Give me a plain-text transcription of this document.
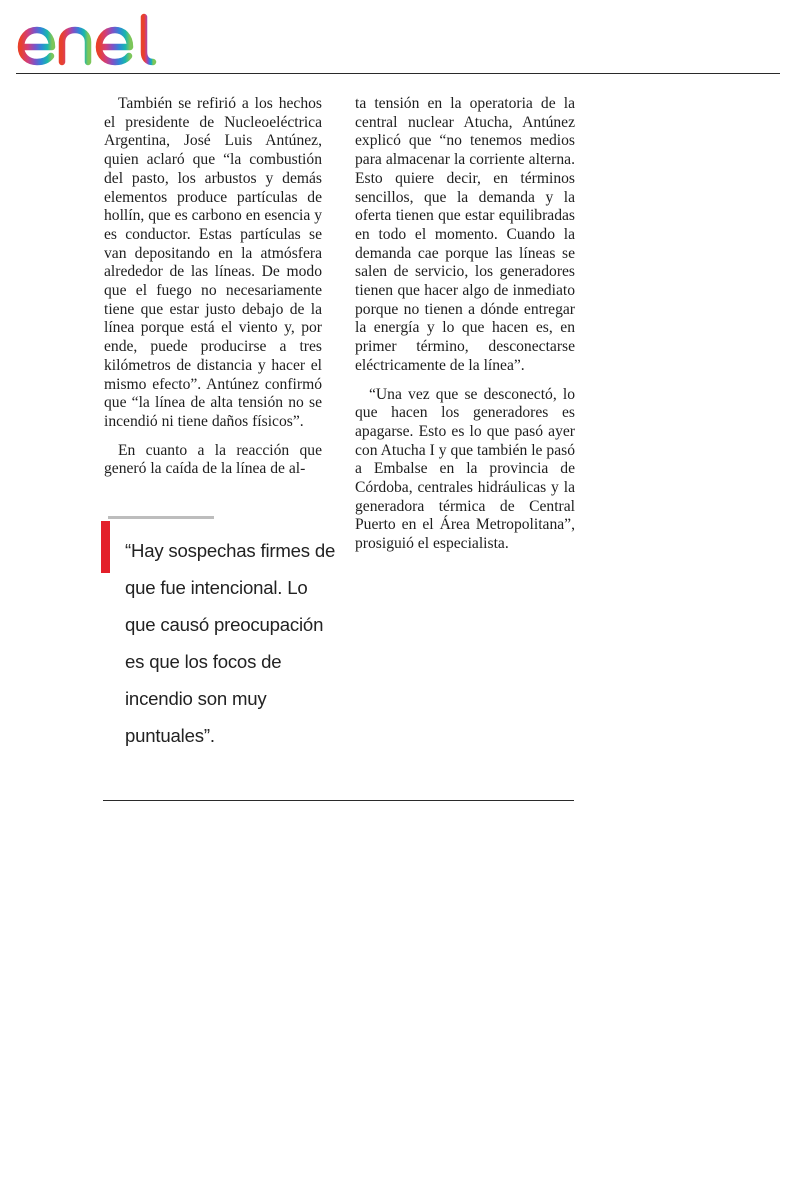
También se refirió a los hechos el presidente de Nucleoeléctrica Argentina, José Luis Antúnez, quien aclaró que “la combustión del pasto, los arbustos y demás elementos produce partículas de hollín, que es carbono en esencia y es conductor. Estas partículas se van depositando en la atmósfera alrededor de las líneas. De modo que el fuego no necesariamente tiene que estar justo debajo de la línea porque está el viento y, por ende, puede producirse a tres kilómetros de distancia y hacer el mismo efecto”. Antúnez confirmó que “la línea de alta tensión no se incendió ni tiene daños físicos”.

En cuanto a la reacción que generó la caída de la línea de al-

“Hay sospechas firmes de que fue intencional. Lo que causó preocupación es que los focos de incendio son muy puntuales”.

ta tensión en la operatoria de la central nuclear Atucha, Antúnez explicó que “no tenemos medios para almacenar la corriente alterna. Esto quiere decir, en términos sencillos, que la demanda y la oferta tienen que estar equilibradas en todo el momento. Cuando la demanda cae porque las líneas se salen de servicio, los generadores tienen que hacer algo de inmediato porque no tienen a dónde entregar la energía y lo que hacen es, en primer término, desconectarse eléctricamente de la línea”.

“Una vez que se desconectó, lo que hacen los generadores es apagarse. Esto es lo que pasó ayer con Atucha I y que también le pasó a Embalse en la provincia de Córdoba, centrales hidráulicas y la generadora térmica de Central Puerto en el Área Metropolitana”, prosiguió el especialista.
